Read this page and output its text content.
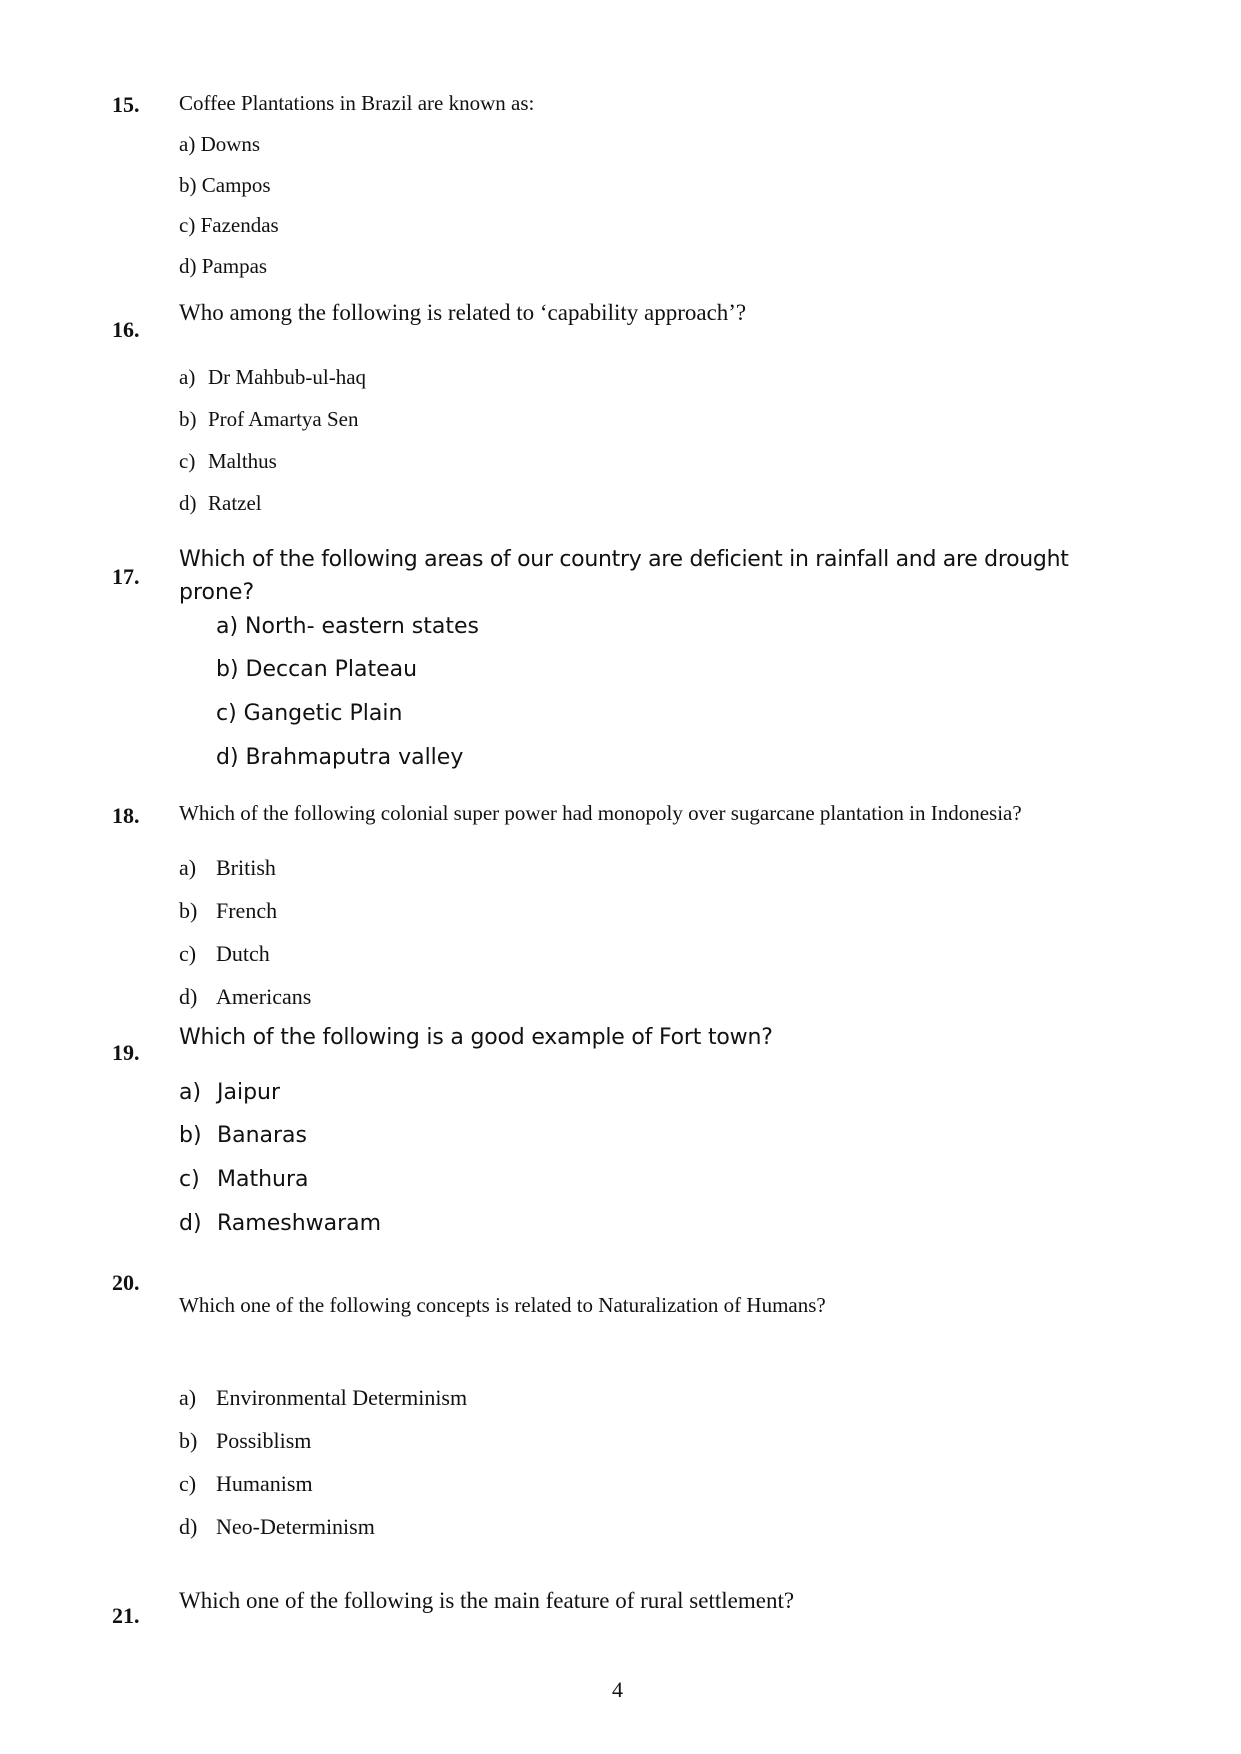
15. Coffee Plantations in Brazil are known as:
a) Downs
b) Campos
c) Fazendas
d) Pampas
16.
Who among the following is related to ‘capability approach’?
a) Dr Mahbub-ul-haq
b) Prof Amartya Sen
c) Malthus
d) Ratzel
17.
Which of the following areas of our country are deficient in rainfall and are drought
prone?
a) North- eastern states
b) Deccan Plateau
c) Gangetic Plain
d) Brahmaputra valley
18. Which of the following colonial super power had monopoly over sugarcane plantation in Indonesia?
a) British
b) French
c) Dutch
d) Americans
19.
Which of the following is a good example of Fort town?
a) Jaipur
b) Banaras
c) Mathura
d) Rameshwaram
20.
Which one of the following concepts is related to Naturalization of Humans?
a) Environmental Determinism
b) Possiblism
c) Humanism
d) Neo-Determinism
21.
Which one of the following is the main feature of rural settlement?
4
